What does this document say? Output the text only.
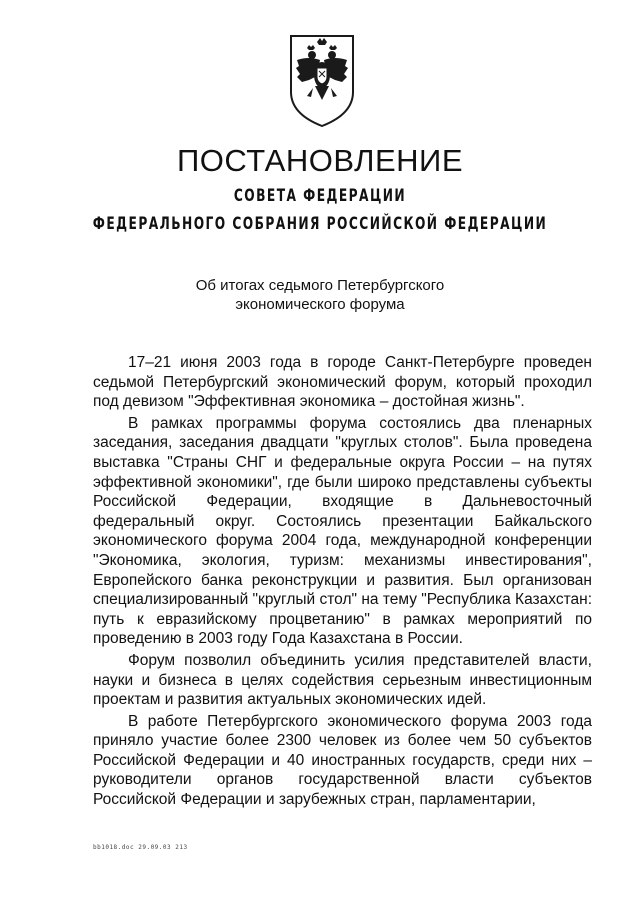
ПОСТАНОВЛЕНИЕ
СОВЕТА ФЕДЕРАЦИИ
ФЕДЕРАЛЬНОГО СОБРАНИЯ РОССИЙСКОЙ ФЕДЕРАЦИИ
Об итогах седьмого Петербургского
экономического форума

17–21 июня 2003 года в городе Санкт-Петербурге проведен седьмой Петербургский экономический форум, который проходил под девизом "Эффективная экономика – достойная жизнь".

В рамках программы форума состоялись два пленарных заседания, заседания двадцати "круглых столов". Была проведена выставка "Страны СНГ и федеральные округа России – на путях эффективной экономики", где были широко представлены субъекты Российской Федерации, входящие в Дальневосточный федеральный округ. Состоялись презентации Байкальского экономического форума 2004 года, международной конференции "Экономика, экология, туризм: механизмы инвестирования", Европейского банка реконструкции и развития. Был организован специализированный "круглый стол" на тему "Республика Казахстан: путь к евразийскому процветанию" в рамках мероприятий по проведению в 2003 году Года Казахстана в России.

Форум позволил объединить усилия представителей власти, науки и бизнеса в целях содействия серьезным инвестиционным проектам и развития актуальных экономических идей.

В работе Петербургского экономического форума 2003 года приняло участие более 2300 человек из более чем 50 субъектов Российской Федерации и 40 иностранных государств, среди них – руководители органов государственной власти субъектов Российской Федерации и зарубежных стран, парламентарии,

bb1018.doc 29.09.03 213
